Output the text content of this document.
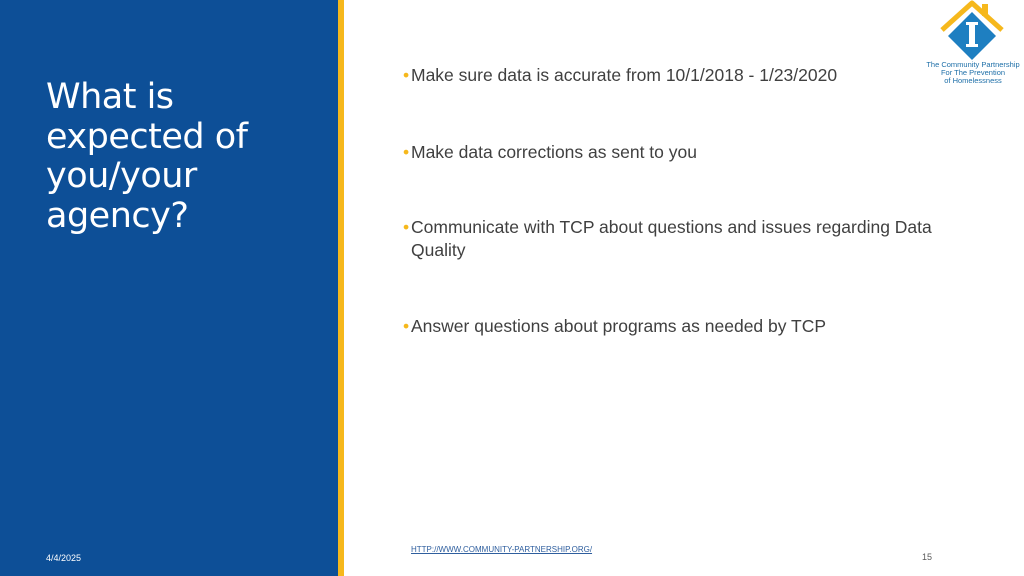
What is expected of you/your agency?
4/4/2025
• Make sure data is accurate from 10/1/2018 - 1/23/2020
• Make data corrections as sent to you
• Communicate with TCP about questions and issues regarding Data Quality
• Answer questions about programs as needed by TCP
The Community Partnership
For The Prevention
of Homelessness
HTTP://WWW.COMMUNITY-PARTNERSHIP.ORG/
15
